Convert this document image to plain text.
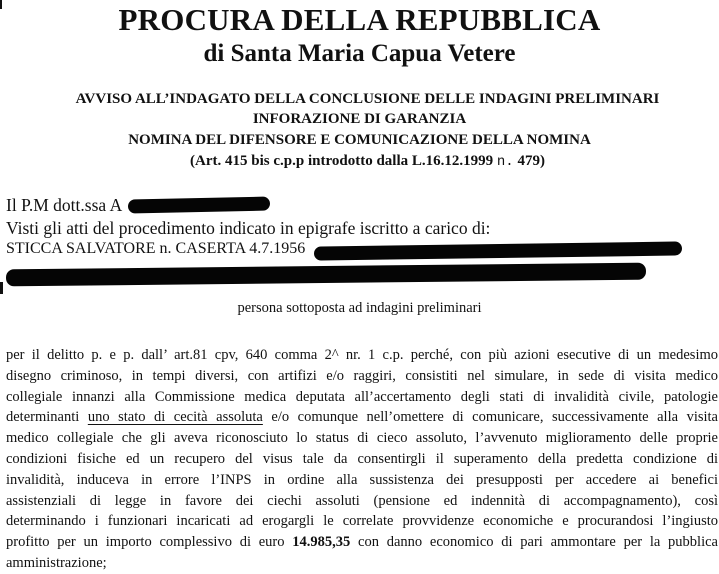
PROCURA DELLA REPUBBLICA
di Santa Maria Capua Vetere
AVVISO ALL’INDAGATO DELLA CONCLUSIONE DELLE INDAGINI PRELIMINARI
INFORAZIONE DI GARANZIA
NOMINA DEL DIFENSORE E COMUNICAZIONE DELLA NOMINA
(Art. 415 bis c.p.p introdotto dalla L.16.12.1999 n. 479)
Il P.M dott.ssa A
Visti gli atti del procedimento indicato in epigrafe iscritto a carico di:
STICCA SALVATORE n. CASERTA 4.7.1956
persona sottoposta ad indagini preliminari
per il delitto p. e p. dall’ art.81 cpv, 640 comma 2^ nr. 1 c.p. perché, con più azioni esecutive di un medesimo
disegno criminoso, in tempi diversi, con artifizi e/o raggiri, consistiti nel simulare, in sede di visita medico
collegiale innanzi alla Commissione medica deputata all’accertamento degli stati di invalidità civile, patologie
determinanti uno stato di cecità assoluta e/o comunque nell’omettere di comunicare, successivamente alla visita
medico collegiale che gli aveva riconosciuto lo status di cieco assoluto, l’avvenuto miglioramento delle proprie
condizioni fisiche ed un recupero del visus tale da consentirgli il superamento della predetta condizione di
invalidità, induceva in errore l’INPS in ordine alla sussistenza dei presupposti per accedere ai benefici
assistenziali di legge in favore dei ciechi assoluti (pensione ed indennità di accompagnamento), così
determinando i funzionari incaricati ad erogargli le correlate provvidenze economiche e procurandosi l’ingiusto
profitto per un importo complessivo di euro 14.985,35 con danno economico di pari ammontare per la pubblica
amministrazione;
